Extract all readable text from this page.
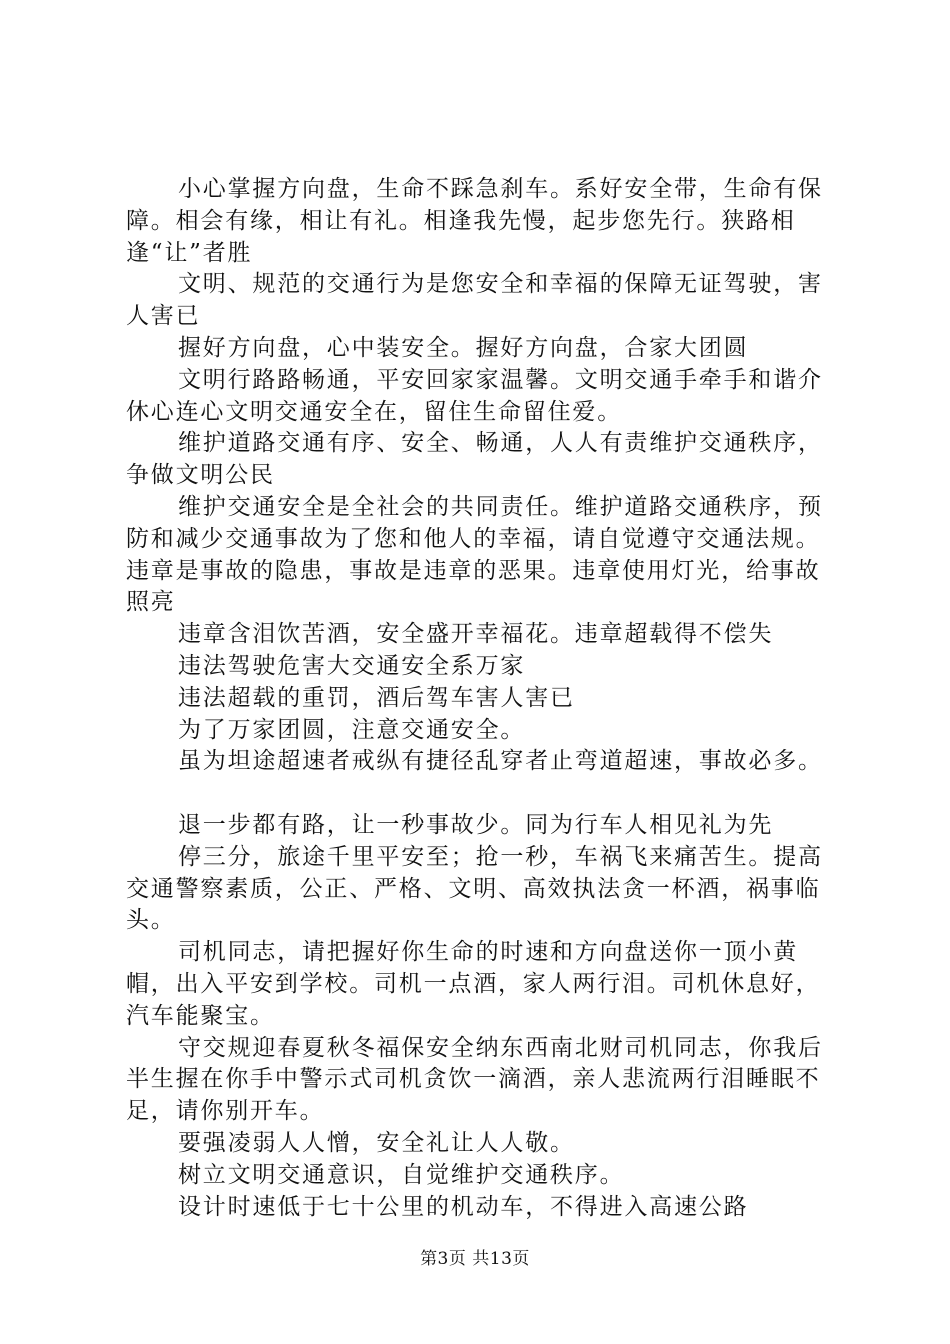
小心掌握方向盘，生命不踩急刹车。系好安全带，生命有保障。相会有缘，相让有礼。相逢我先慢，起步您先行。狭路相逢“让”者胜

文明、规范的交通行为是您安全和幸福的保障无证驾驶，害人害已

握好方向盘，心中装安全。握好方向盘，合家大团圆

文明行路路畅通，平安回家家温馨。文明交通手牵手和谐介休心连心文明交通安全在，留住生命留住爱。

维护道路交通有序、安全、畅通，人人有责维护交通秩序，争做文明公民

维护交通安全是全社会的共同责任。维护道路交通秩序，预防和减少交通事故为了您和他人的幸福，请自觉遵守交通法规。违章是事故的隐患，事故是违章的恶果。违章使用灯光，给事故照亮

违章含泪饮苦酒，安全盛开幸福花。违章超载得不偿失

违法驾驶危害大交通安全系万家

违法超载的重罚，酒后驾车害人害已

为了万家团圆，注意交通安全。

虽为坦途超速者戒纵有捷径乱穿者止弯道超速，事故必多。

退一步都有路，让一秒事故少。同为行车人相见礼为先

停三分，旅途千里平安至；抢一秒，车祸飞来痛苦生。提高交通警察素质，公正、严格、文明、高效执法贪一杯酒，祸事临头。

司机同志，请把握好你生命的时速和方向盘送你一顶小黄帽，出入平安到学校。司机一点酒，家人两行泪。司机休息好，汽车能聚宝。

守交规迎春夏秋冬福保安全纳东西南北财司机同志，你我后半生握在你手中警示式司机贪饮一滴酒，亲人悲流两行泪睡眠不足，请你别开车。

要强凌弱人人憎，安全礼让人人敬。

树立文明交通意识，自觉维护交通秩序。

设计时速低于七十公里的机动车，不得进入高速公路

第3页 共13页
